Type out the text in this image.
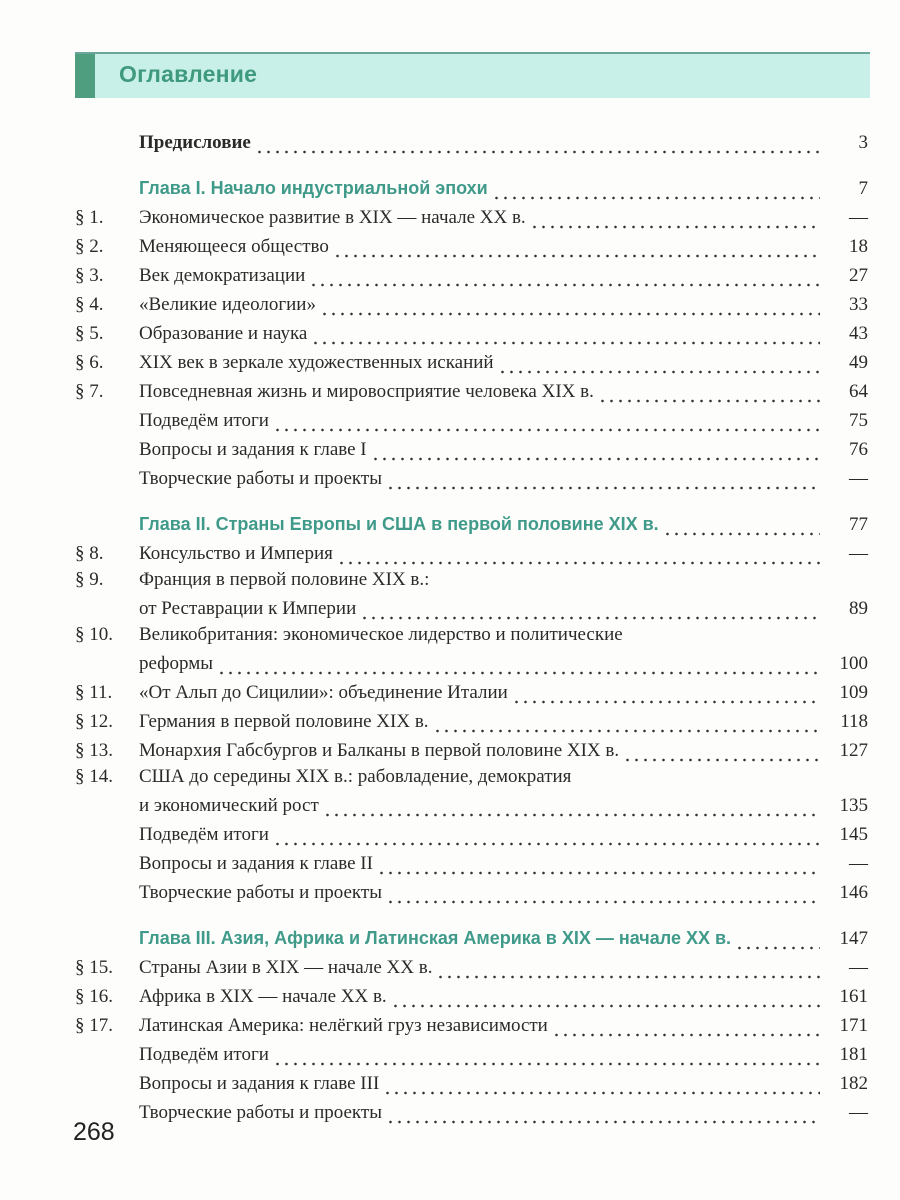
Оглавление
Предисловие	3
Глава I. Начало индустриальной эпохи	7
§ 1.	Экономическое развитие в XIX — начале XX в.	—
§ 2.	Меняющееся общество	18
§ 3.	Век демократизации	27
§ 4.	«Великие идеологии»	33
§ 5.	Образование и наука	43
§ 6.	XIX век в зеркале художественных исканий	49
§ 7.	Повседневная жизнь и мировосприятие человека XIX в.	64
Подведём итоги	75
Вопросы и задания к главе I	76
Творческие работы и проекты	—
Глава II. Страны Европы и США в первой половине XIX в.	77
§ 8.	Консульство и Империя	—
§ 9.	Франция в первой половине XIX в.:
от Реставрации к Империи	89
§ 10.	Великобритания: экономическое лидерство и политические
реформы	100
§ 11.	«От Альп до Сицилии»: объединение Италии	109
§ 12.	Германия в первой половине XIX в.	118
§ 13.	Монархия Габсбургов и Балканы в первой половине XIX в.	127
§ 14.	США до середины XIX в.: рабовладение, демократия
и экономический рост	135
Подведём итоги	145
Вопросы и задания к главе II	—
Творческие работы и проекты	146
Глава III. Азия, Африка и Латинская Америка в XIX — начале XX в.	147
§ 15.	Страны Азии в XIX — начале XX в.	—
§ 16.	Африка в XIX — начале XX в.	161
§ 17.	Латинская Америка: нелёгкий груз независимости	171
Подведём итоги	181
Вопросы и задания к главе III	182
Творческие работы и проекты	—
268
